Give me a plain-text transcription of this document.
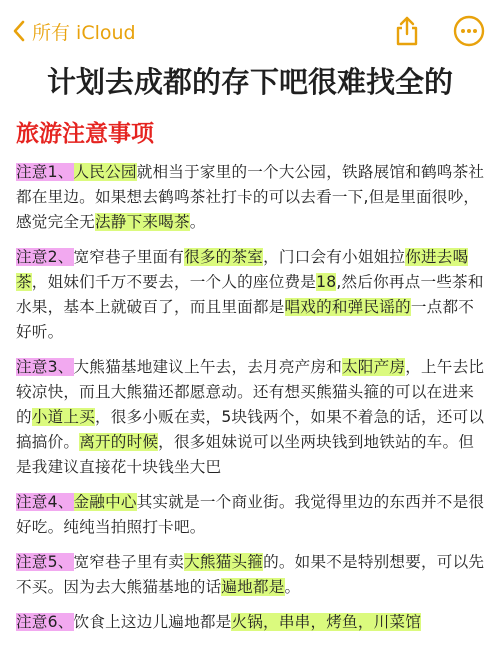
所有 iCloud
计划去成都的存下吧很难找全的
旅游注意事项
注意1、人民公园就相当于家里的一个大公园，铁路展馆和鹤鸣茶社都在里边。如果想去鹤鸣茶社打卡的可以去看一下,但是里面很吵，感觉完全无法静下来喝茶。
注意2、宽窄巷子里面有很多的茶室，门口会有小姐姐拉你进去喝茶，姐妹们千万不要去，一个人的座位费是18,然后你再点一些茶和水果，基本上就破百了，而且里面都是唱戏的和弹民谣的一点都不好听。
注意3、大熊猫基地建议上午去，去月亮产房和太阳产房，上午去比较凉快，而且大熊猫还都愿意动。还有想买熊猫头箍的可以在进来的小道上买，很多小贩在卖，5块钱两个，如果不着急的话，还可以搞搞价。离开的时候，很多姐妹说可以坐两块钱到地铁站的车。但是我建议直接花十块钱坐大巴
注意4、金融中心其实就是一个商业街。我觉得里边的东西并不是很好吃。纯纯当拍照打卡吧。
注意5、宽窄巷子里有卖大熊猫头箍的。如果不是特别想要，可以先不买。因为去大熊猫基地的话遍地都是。
注意6、饮食上这边儿遍地都是火锅，串串，烤鱼，川菜馆
